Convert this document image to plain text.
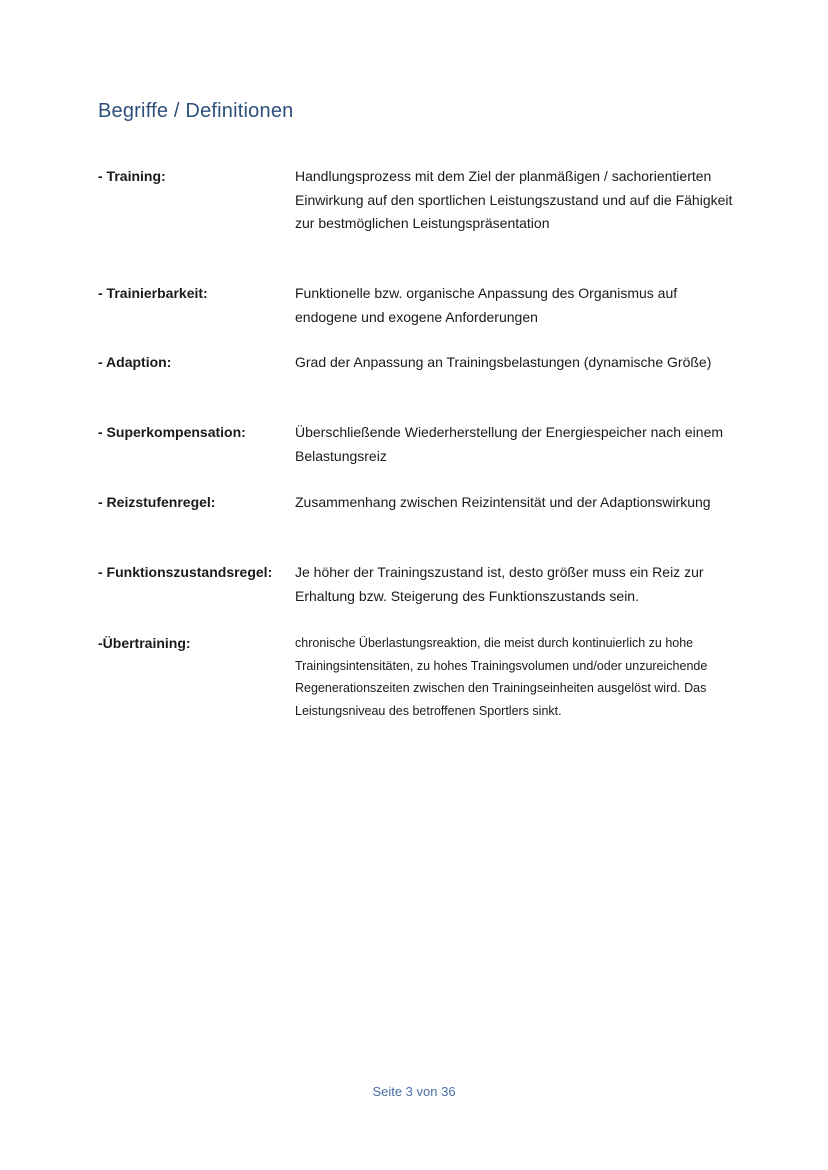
Begriffe / Definitionen
- Training:	Handlungsprozess mit dem Ziel der planmäßigen / sachorientierten Einwirkung auf den sportlichen Leistungszustand und auf die Fähigkeit zur bestmöglichen Leistungspräsentation
- Trainierbarkeit:	Funktionelle bzw. organische Anpassung des Organismus auf endogene und exogene Anforderungen
- Adaption:	Grad der Anpassung an Trainingsbelastungen (dynamische Größe)
- Superkompensation:	Überschließende Wiederherstellung der Energiespeicher nach einem Belastungsreiz
- Reizstufenregel:	Zusammenhang zwischen Reizintensität und der Adaptionswirkung
- Funktionszustandsregel:	Je höher der Trainingszustand ist, desto größer muss ein Reiz zur Erhaltung bzw. Steigerung des Funktionszustands sein.
-Übertraining:	chronische Überlastungsreaktion, die meist durch kontinuierlich zu hohe Trainingsintensitäten, zu hohes Trainingsvolumen und/oder unzureichende Regenerationszeiten zwischen den Trainingseinheiten ausgelöst wird. Das Leistungsniveau des betroffenen Sportlers sinkt.
Seite 3 von 36
